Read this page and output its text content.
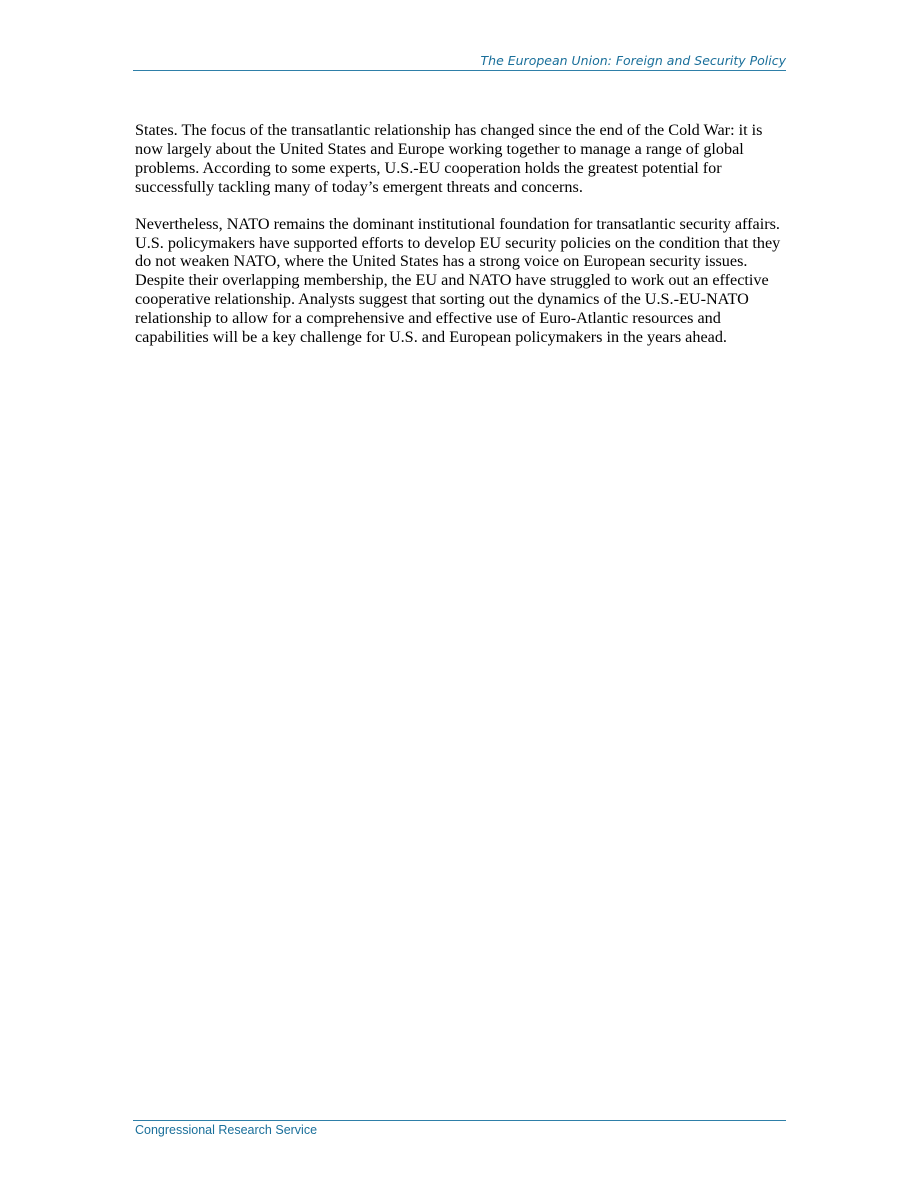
The European Union: Foreign and Security Policy

States. The focus of the transatlantic relationship has changed since the end of the Cold War: it is now largely about the United States and Europe working together to manage a range of global problems. According to some experts, U.S.-EU cooperation holds the greatest potential for successfully tackling many of today’s emergent threats and concerns.

Nevertheless, NATO remains the dominant institutional foundation for transatlantic security affairs. U.S. policymakers have supported efforts to develop EU security policies on the condition that they do not weaken NATO, where the United States has a strong voice on European security issues. Despite their overlapping membership, the EU and NATO have struggled to work out an effective cooperative relationship. Analysts suggest that sorting out the dynamics of the U.S.-EU-NATO relationship to allow for a comprehensive and effective use of Euro-Atlantic resources and capabilities will be a key challenge for U.S. and European policymakers in the years ahead.

Congressional Research Service
